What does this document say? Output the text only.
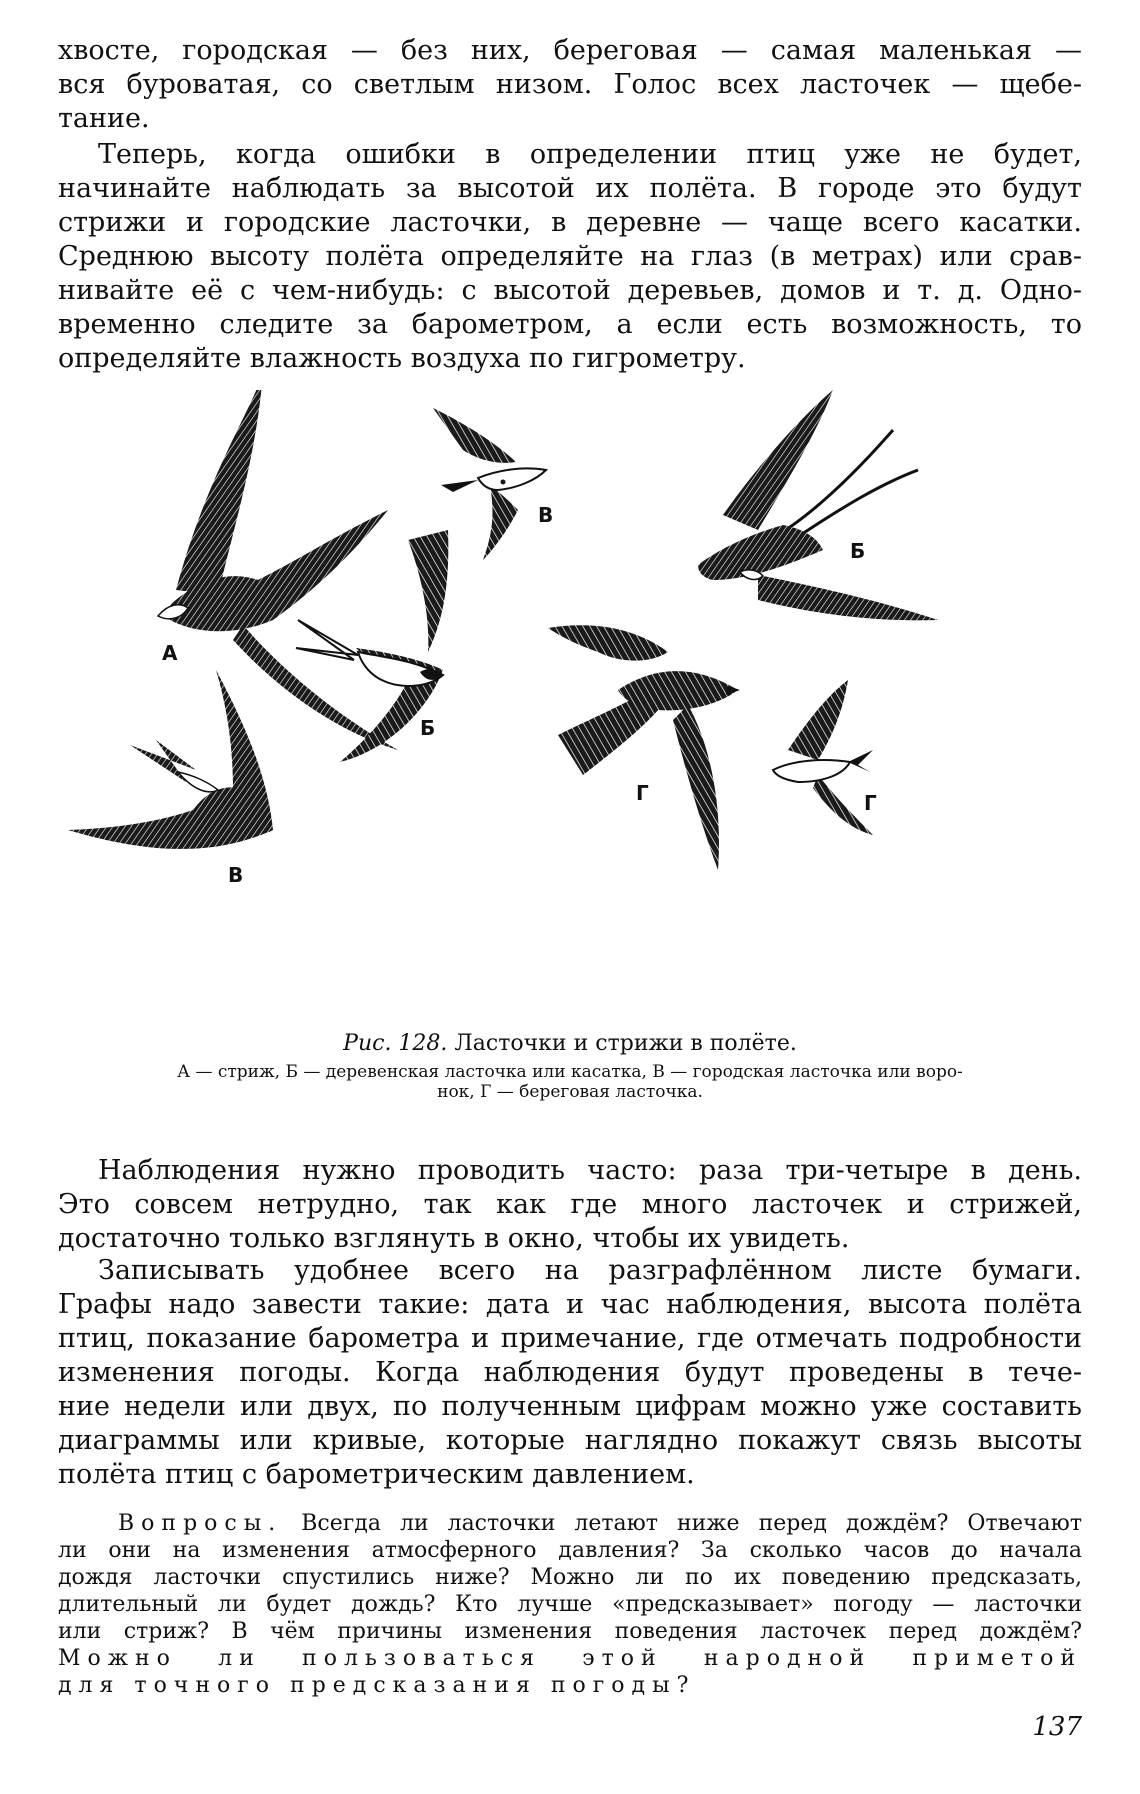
хвосте, городская — без них, береговая — самая маленькая —
вся буроватая, со светлым низом. Голос всех ласточек — щебе-
тание.

Теперь, когда ошибки в определении птиц уже не будет,
начинайте наблюдать за высотой их полёта. В городе это будут
стрижи и городские ласточки, в деревне — чаще всего касатки.
Среднюю высоту полёта определяйте на глаз (в метрах) или срав-
нивайте её с чем-нибудь: с высотой деревьев, домов и т. д. Одно-
временно следите за барометром, а если есть возможность, то
определяйте влажность воздуха по гигрометру.

А
Б
В
В
Б
Г	Г
Рис. 128. Ласточки и стрижи в полёте.
А — стриж, Б — деревенская ласточка или касатка, В — городская ласточка или воро-
нок, Г — береговая ласточка.

Наблюдения нужно проводить часто: раза три-четыре в день.
Это совсем нетрудно, так как где много ласточек и стрижей,
достаточно только взглянуть в окно, чтобы их увидеть.

Записывать удобнее всего на разграфлённом листе бумаги.
Графы надо завести такие: дата и час наблюдения, высота полёта
птиц, показание барометра и примечание, где отмечать подробности
изменения погоды. Когда наблюдения будут проведены в тече-
ние недели или двух, по полученным цифрам можно уже составить
диаграммы или кривые, которые наглядно покажут связь высоты
полёта птиц с барометрическим давлением.

Вопросы. Всегда ли ласточки летают ниже перед дождём? Отвечают
ли они на изменения атмосферного давления? За сколько часов до начала
дождя ласточки спустились ниже? Можно ли по их поведению предсказать,
длительный ли будет дождь? Кто лучше «предсказывает» погоду — ласточки
или стриж? В чём причины изменения поведения ласточек перед дождём?
Можно ли пользоваться этой народной приметой
для точного предсказания погоды?
137
